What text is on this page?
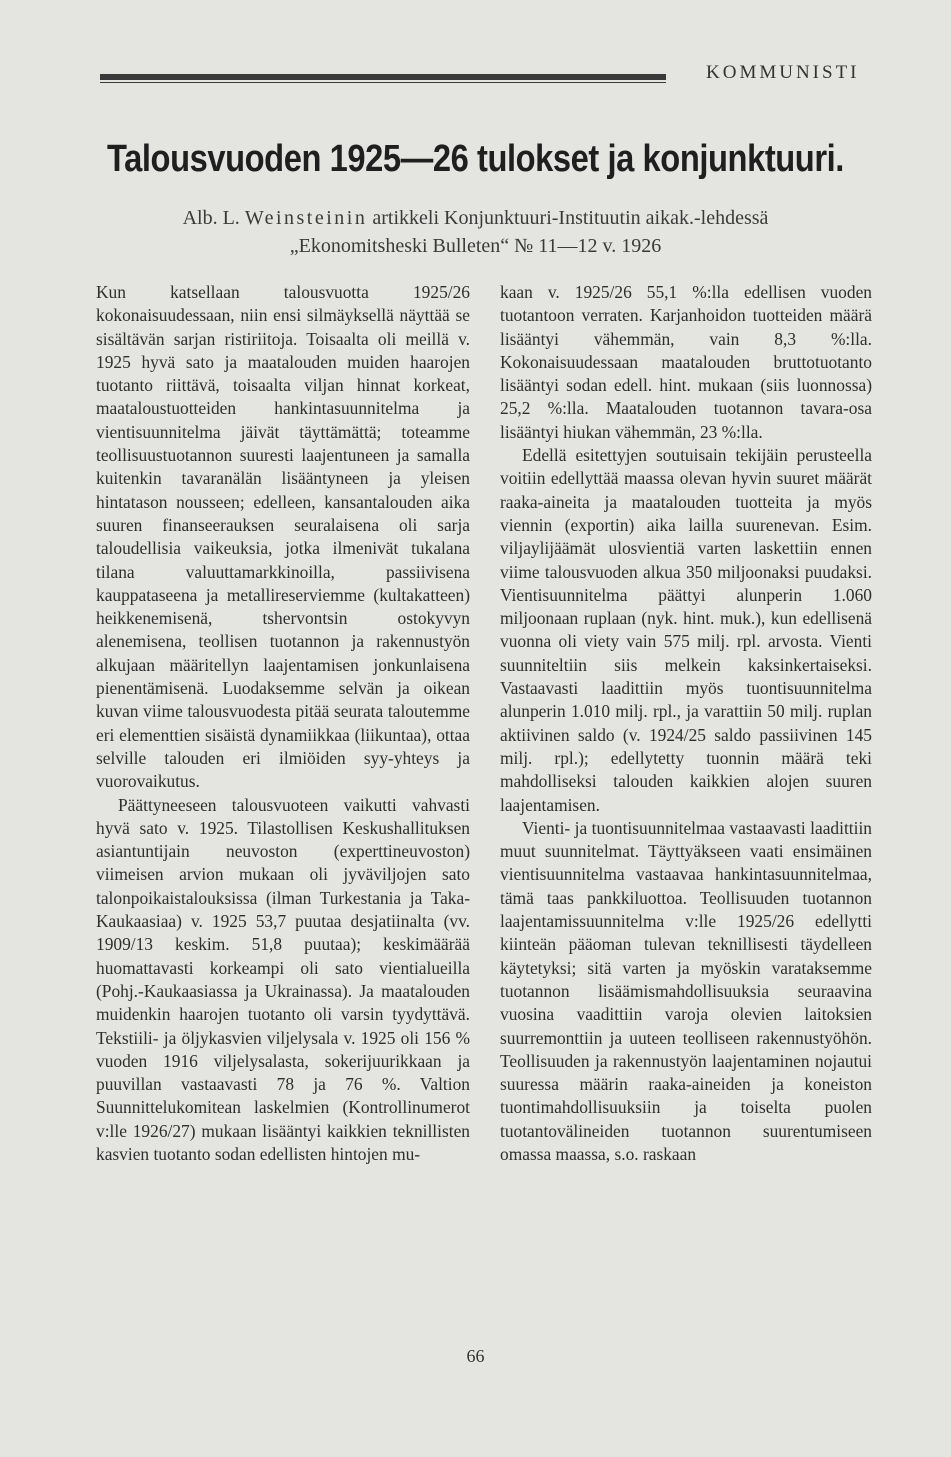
KOMMUNISTI
Talousvuoden 1925—26 tulokset ja konjunktuuri.
Alb. L. Weinsteinin artikkeli Konjunktuuri-Instituutin aikak.-lehdessä
„Ekonomitsheski Bulleten“ № 11—12 v. 1926

Kun katsellaan talousvuotta 1925/26 kokonaisuudessaan, niin ensi silmäyksellä näyttää se sisältävän sarjan ristiriitoja. Toisaalta oli meillä v. 1925 hyvä sato ja maatalouden muiden haarojen tuotanto riittävä, toisaalta viljan hinnat korkeat, maataloustuotteiden hankintasuunnitelma ja vientisuunnitelma jäivät täyttämättä; toteamme teollisuustuotannon suuresti laajentuneen ja samalla kuitenkin tavaranälän lisääntyneen ja yleisen hintatason nousseen; edelleen, kansantalouden aika suuren finanseerauksen seuralaisena oli sarja taloudellisia vaikeuksia, jotka ilmenivät tukalana tilana valuuttamarkkinoilla, passiivisena kauppataseena ja metallireserviemme (kultakatteen) heikkenemisenä, tshervontsin ostokyvyn alenemisena, teollisen tuotannon ja rakennustyön alkujaan määritellyn laajentamisen jonkunlaisena pienentämisenä. Luodaksemme selvän ja oikean kuvan viime talousvuodesta pitää seurata taloutemme eri elementtien sisäistä dynamiikkaa (liikuntaa), ottaa selville talouden eri ilmiöiden syy-yhteys ja vuorovaikutus.

Päättyneeseen talousvuoteen vaikutti vahvasti hyvä sato v. 1925. Tilastollisen Keskushallituksen asiantuntijain neuvoston (experttineuvoston) viimeisen arvion mukaan oli jyväviljojen sato talonpoikaistalouksissa (ilman Turkestania ja Taka-Kaukaasiaa) v. 1925 53,7 puutaa desjatiinalta (vv. 1909/13 keskim. 51,8 puutaa); keskimäärää huomattavasti korkeampi oli sato vientialueilla (Pohj.-Kaukaasiassa ja Ukrainassa). Ja maatalouden muidenkin haarojen tuotanto oli varsin tyydyttävä. Tekstiili- ja öljykasvien viljelysala v. 1925 oli 156 % vuoden 1916 viljelysalasta, sokerijuurikkaan ja puuvillan vastaavasti 78 ja 76 %. Valtion Suunnittelukomitean laskelmien (Kontrollinumerot v:lle 1926/27) mukaan lisääntyi kaikkien teknillisten kasvien tuotanto sodan edellisten hintojen mu-

kaan v. 1925/26 55,1 %:lla edellisen vuoden tuotantoon verraten. Karjanhoidon tuotteiden määrä lisääntyi vähemmän, vain 8,3 %:lla. Kokonaisuudessaan maatalouden bruttotuotanto lisääntyi sodan edell. hint. mukaan (siis luonnossa) 25,2 %:lla. Maatalouden tuotannon tavara-osa lisääntyi hiukan vähemmän, 23 %:lla.

Edellä esitettyjen soutuisain tekijäin perusteella voitiin edellyttää maassa olevan hyvin suuret määrät raaka-aineita ja maatalouden tuotteita ja myös viennin (exportin) aika lailla suurenevan. Esim. viljaylijäämät ulosvientiä varten laskettiin ennen viime talousvuoden alkua 350 miljoonaksi puudaksi. Vientisuunnitelma päättyi alunperin 1.060 miljoonaan ruplaan (nyk. hint. muk.), kun edellisenä vuonna oli viety vain 575 milj. rpl. arvosta. Vienti suunniteltiin siis melkein kaksinkertaiseksi. Vastaavasti laadittiin myös tuontisuunnitelma alunperin 1.010 milj. rpl., ja varattiin 50 milj. ruplan aktiivinen saldo (v. 1924/25 saldo passiivinen 145 milj. rpl.); edellytetty tuonnin määrä teki mahdolliseksi talouden kaikkien alojen suuren laajentamisen.

Vienti- ja tuontisuunnitelmaa vastaavasti laadittiin muut suunnitelmat. Täyttyäkseen vaati ensimäinen vientisuunnitelma vastaavaa hankintasuunnitelmaa, tämä taas pankkiluottoa. Teollisuuden tuotannon laajentamissuunnitelma v:lle 1925/26 edellytti kiinteän pääoman tulevan teknillisesti täydelleen käytetyksi; sitä varten ja myöskin varataksemme tuotannon lisäämismahdollisuuksia seuraavina vuosina vaadittiin varoja olevien laitoksien suurremonttiin ja uuteen teolliseen rakennustyöhön. Teollisuuden ja rakennustyön laajentaminen nojautui suuressa määrin raaka-aineiden ja koneiston tuontimahdollisuuksiin ja toiselta puolen tuotantovälineiden tuotannon suurentumiseen omassa maassa, s.o. raskaan

66
